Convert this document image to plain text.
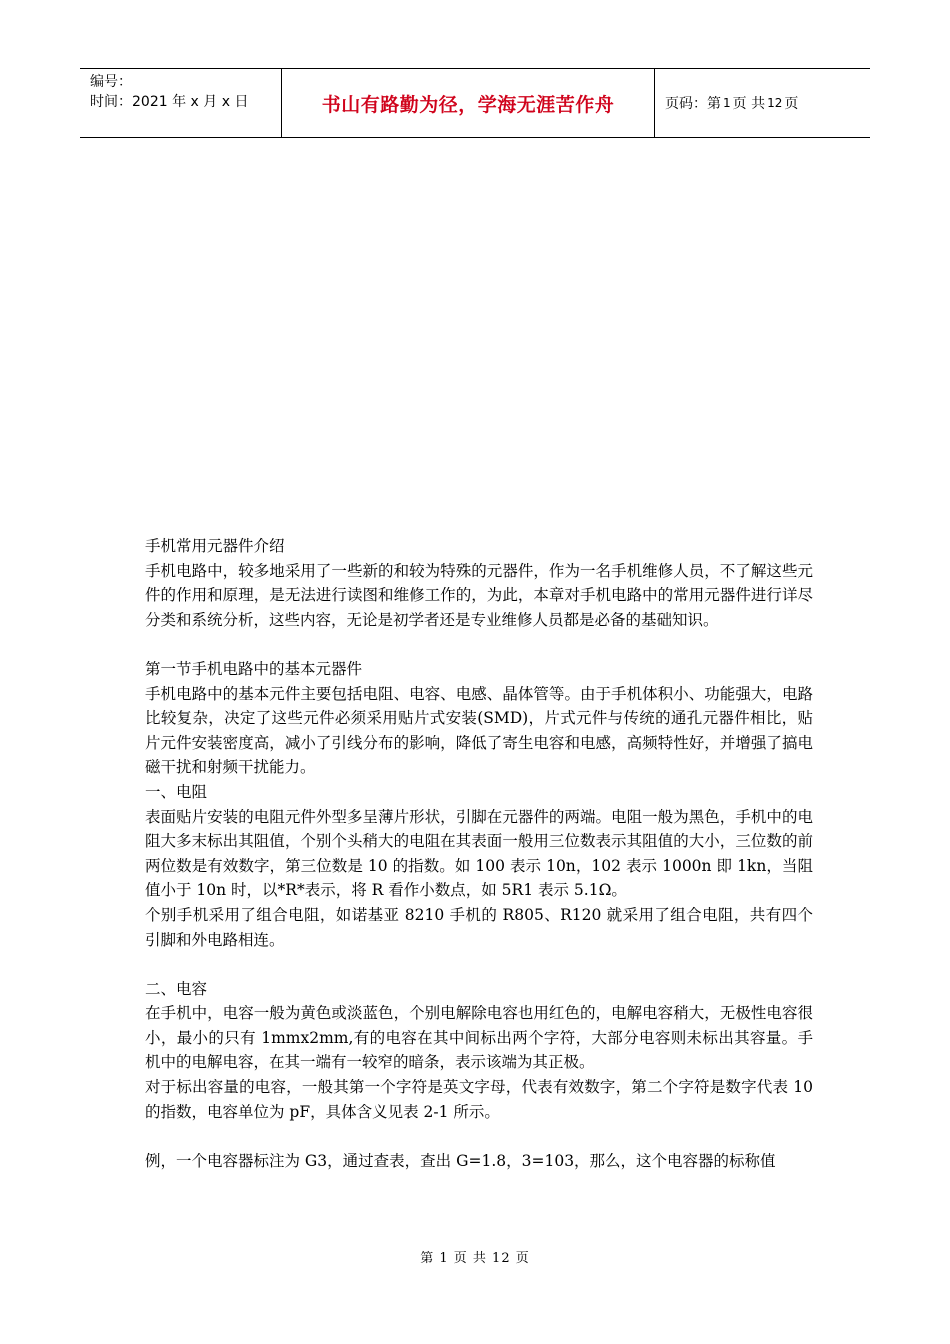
编号：
时间：2021 年 x 月 x 日	书山有路勤为径，学海无涯苦作舟	页码：第 1 页 共 12 页

手机常用元器件介绍

手机电路中，较多地采用了一些新的和较为特殊的元器件，作为一名手机维修人员，不了解这些元件的作用和原理，是无法进行读图和维修工作的，为此，本章对手机电路中的常用元器件进行详尽分类和系统分析，这些内容，无论是初学者还是专业维修人员都是必备的基础知识。

第一节手机电路中的基本元器件

手机电路中的基本元件主要包括电阻、电容、电感、晶体管等。由于手机体积小、功能强大，电路比较复杂，决定了这些元件必须采用贴片式安装(SMD)，片式元件与传统的通孔元器件相比，贴片元件安装密度高，减小了引线分布的影响，降低了寄生电容和电感，高频特性好，并增强了搞电磁干扰和射频干扰能力。

一、电阻

表面贴片安装的电阻元件外型多呈薄片形状，引脚在元器件的两端。电阻一般为黑色，手机中的电阻大多末标出其阻值，个别个头稍大的电阻在其表面一般用三位数表示其阻值的大小，三位数的前两位数是有效数字，第三位数是 10 的指数。如 100 表示 10n，102 表示 1000n 即 1kn，当阻值小于 10n 时，以*R*表示，将 R 看作小数点，如 5R1 表示 5.1Ω。

个别手机采用了组合电阻，如诺基亚 8210 手机的 R805、R120 就采用了组合电阻，共有四个引脚和外电路相连。

二、电容

在手机中，电容一般为黄色或淡蓝色，个别电解除电容也用红色的，电解电容稍大，无极性电容很小，最小的只有 1mmx2mm,有的电容在其中间标出两个字符，大部分电容则未标出其容量。手机中的电解电容，在其一端有一较窄的暗条，表示该端为其正极。

对于标出容量的电容，一般其第一个字符是英文字母，代表有效数字，第二个字符是数字代表 10 的指数，电容单位为 pF，具体含义见表 2-1 所示。

例，一个电容器标注为 G3，通过查表，查出 G=1.8，3=103，那么，这个电容器的标称值

第 1 页 共 12 页
